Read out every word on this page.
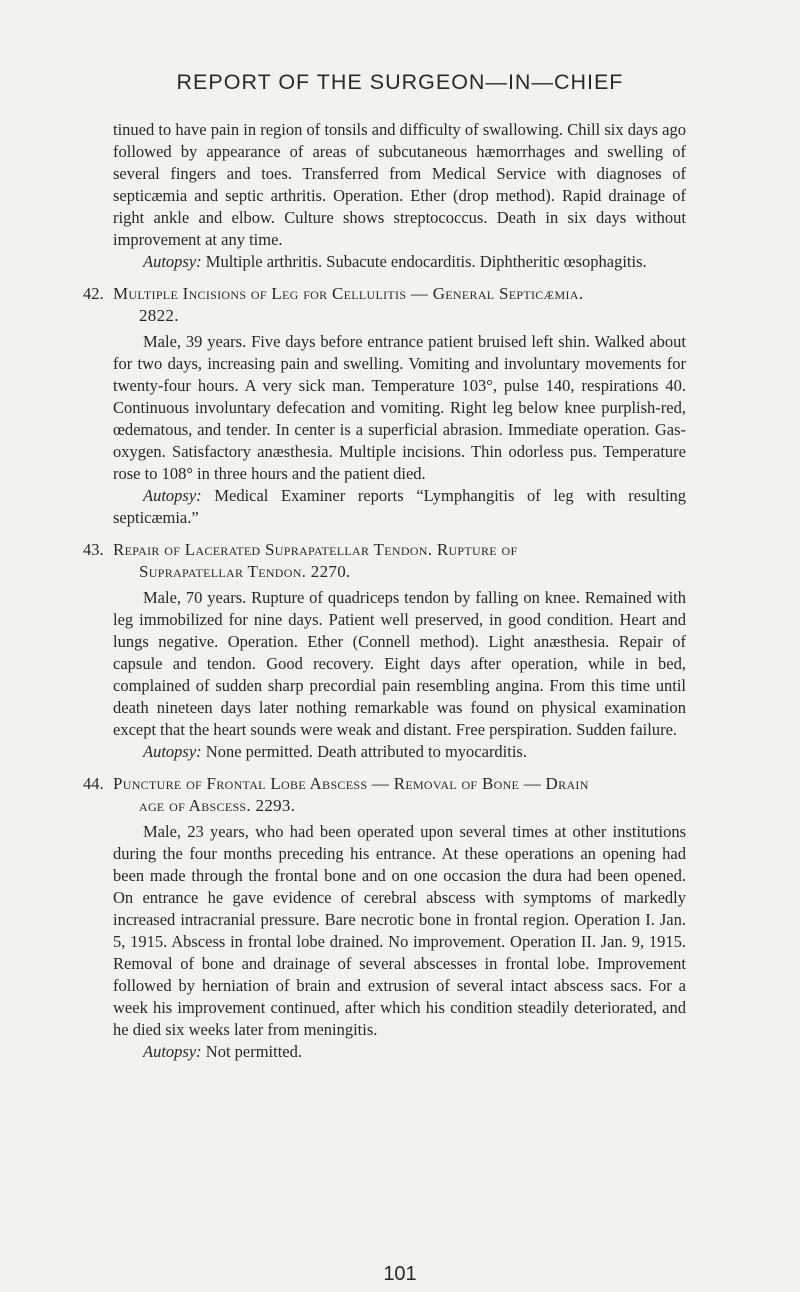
REPORT OF THE SURGEON—IN—CHIEF

tinued to have pain in region of tonsils and difficulty of swallowing. Chill six days ago followed by appearance of areas of subcutaneous hæmorrhages and swelling of several fingers and toes. Transferred from Medical Service with diagnoses of septicæmia and septic arthritis. Operation. Ether (drop method). Rapid drainage of right ankle and elbow. Culture shows streptococcus. Death in six days without improvement at any time.

Autopsy: Multiple arthritis. Subacute endocarditis. Diphtheritic œsophagitis.

42. Multiple Incisions of Leg for Cellulitis — General Septicæmia.
2822.

Male, 39 years. Five days before entrance patient bruised left shin. Walked about for two days, increasing pain and swelling. Vomiting and involuntary movements for twenty-four hours. A very sick man. Temperature 103°, pulse 140, respirations 40. Continuous involuntary defecation and vomiting. Right leg below knee purplish-red, œdematous, and tender. In center is a superficial abrasion. Immediate operation. Gas-oxygen. Satisfactory anæsthesia. Multiple incisions. Thin odorless pus. Temperature rose to 108° in three hours and the patient died.

Autopsy: Medical Examiner reports “Lymphangitis of leg with resulting septicæmia.”

43. Repair of Lacerated Suprapatellar Tendon. Rupture of
Suprapatellar Tendon. 2270.

Male, 70 years. Rupture of quadriceps tendon by falling on knee. Remained with leg immobilized for nine days. Patient well preserved, in good condition. Heart and lungs negative. Operation. Ether (Connell method). Light anæsthesia. Repair of capsule and tendon. Good recovery. Eight days after operation, while in bed, complained of sudden sharp precordial pain resembling angina. From this time until death nineteen days later nothing remarkable was found on physical examination except that the heart sounds were weak and distant. Free perspiration. Sudden failure.

Autopsy: None permitted. Death attributed to myocarditis.

44. Puncture of Frontal Lobe Abscess — Removal of Bone — Drain
age of Abscess. 2293.

Male, 23 years, who had been operated upon several times at other institutions during the four months preceding his entrance. At these operations an opening had been made through the frontal bone and on one occasion the dura had been opened. On entrance he gave evidence of cerebral abscess with symptoms of markedly increased intracranial pressure. Bare necrotic bone in frontal region. Operation I. Jan. 5, 1915. Abscess in frontal lobe drained. No improvement. Operation II. Jan. 9, 1915. Removal of bone and drainage of several abscesses in frontal lobe. Improvement followed by herniation of brain and extrusion of several intact abscess sacs. For a week his improvement continued, after which his condition steadily deteriorated, and he died six weeks later from meningitis.

Autopsy: Not permitted.

101
